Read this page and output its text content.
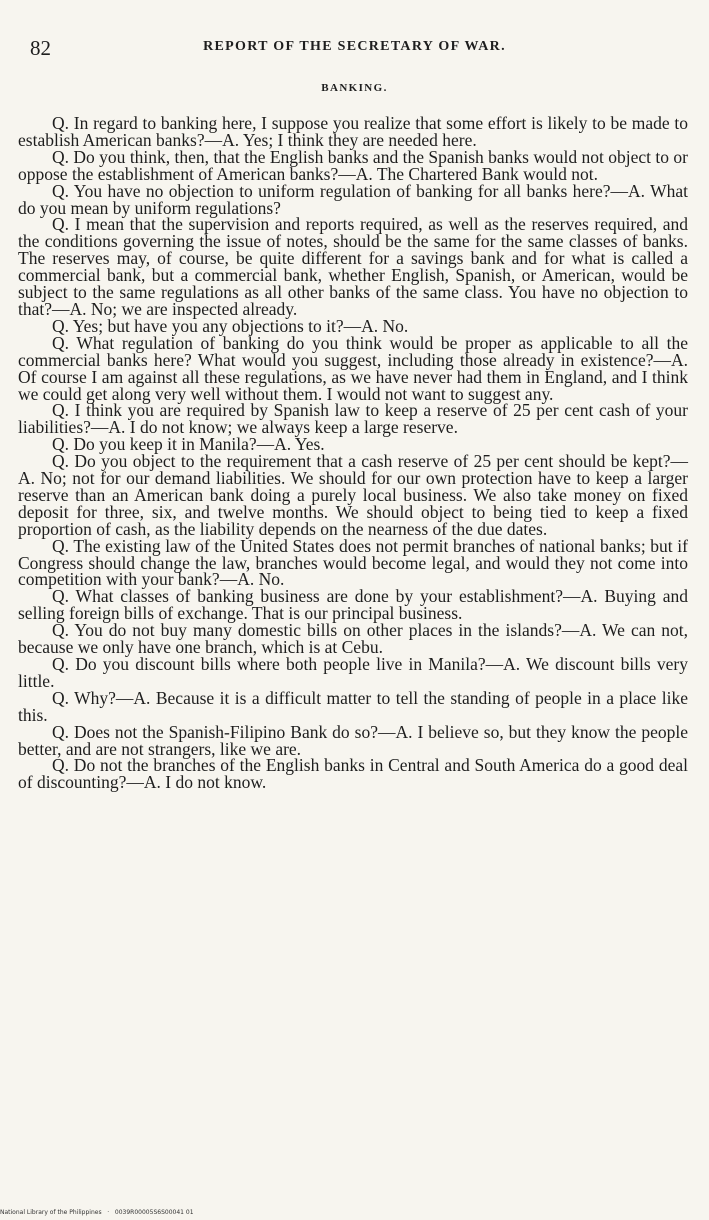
82	REPORT OF THE SECRETARY OF WAR.
BANKING.

Q. In regard to banking here, I suppose you realize that some effort is likely to be made to establish American banks?—A. Yes; I think they are needed here.

Q. Do you think, then, that the English banks and the Spanish banks would not object to or oppose the establishment of American banks?—A. The Chartered Bank would not.

Q. You have no objection to uniform regulation of banking for all banks here?—A. What do you mean by uniform regulations?

Q. I mean that the supervision and reports required, as well as the reserves required, and the conditions governing the issue of notes, should be the same for the same classes of banks. The reserves may, of course, be quite different for a savings bank and for what is called a commercial bank, but a commercial bank, whether English, Spanish, or American, would be subject to the same regulations as all other banks of the same class. You have no objection to that?—A. No; we are inspected already.

Q. Yes; but have you any objections to it?—A. No.

Q. What regulation of banking do you think would be proper as applicable to all the commercial banks here? What would you suggest, including those already in existence?—A. Of course I am against all these regulations, as we have never had them in England, and I think we could get along very well without them. I would not want to suggest any.

Q. I think you are required by Spanish law to keep a reserve of 25 per cent cash of your liabilities?—A. I do not know; we always keep a large reserve.

Q. Do you keep it in Manila?—A. Yes.

Q. Do you object to the requirement that a cash reserve of 25 per cent should be kept?—A. No; not for our demand liabilities. We should for our own protection have to keep a larger reserve than an American bank doing a purely local business. We also take money on fixed deposit for three, six, and twelve months. We should object to being tied to keep a fixed proportion of cash, as the liability depends on the nearness of the due dates.

Q. The existing law of the United States does not permit branches of national banks; but if Congress should change the law, branches would become legal, and would they not come into competition with your bank?—A. No.

Q. What classes of banking business are done by your establishment?—A. Buying and selling foreign bills of exchange. That is our principal business.

Q. You do not buy many domestic bills on other places in the islands?—A. We can not, because we only have one branch, which is at Cebu.

Q. Do you discount bills where both people live in Manila?—A. We discount bills very little.

Q. Why?—A. Because it is a difficult matter to tell the standing of people in a place like this.

Q. Does not the Spanish-Filipino Bank do so?—A. I believe so, but they know the people better, and are not strangers, like we are.

Q. Do not the branches of the English banks in Central and South America do a good deal of discounting?—A. I do not know.

National Library of the Philippines   ·   0039R00005S6S00041 01
